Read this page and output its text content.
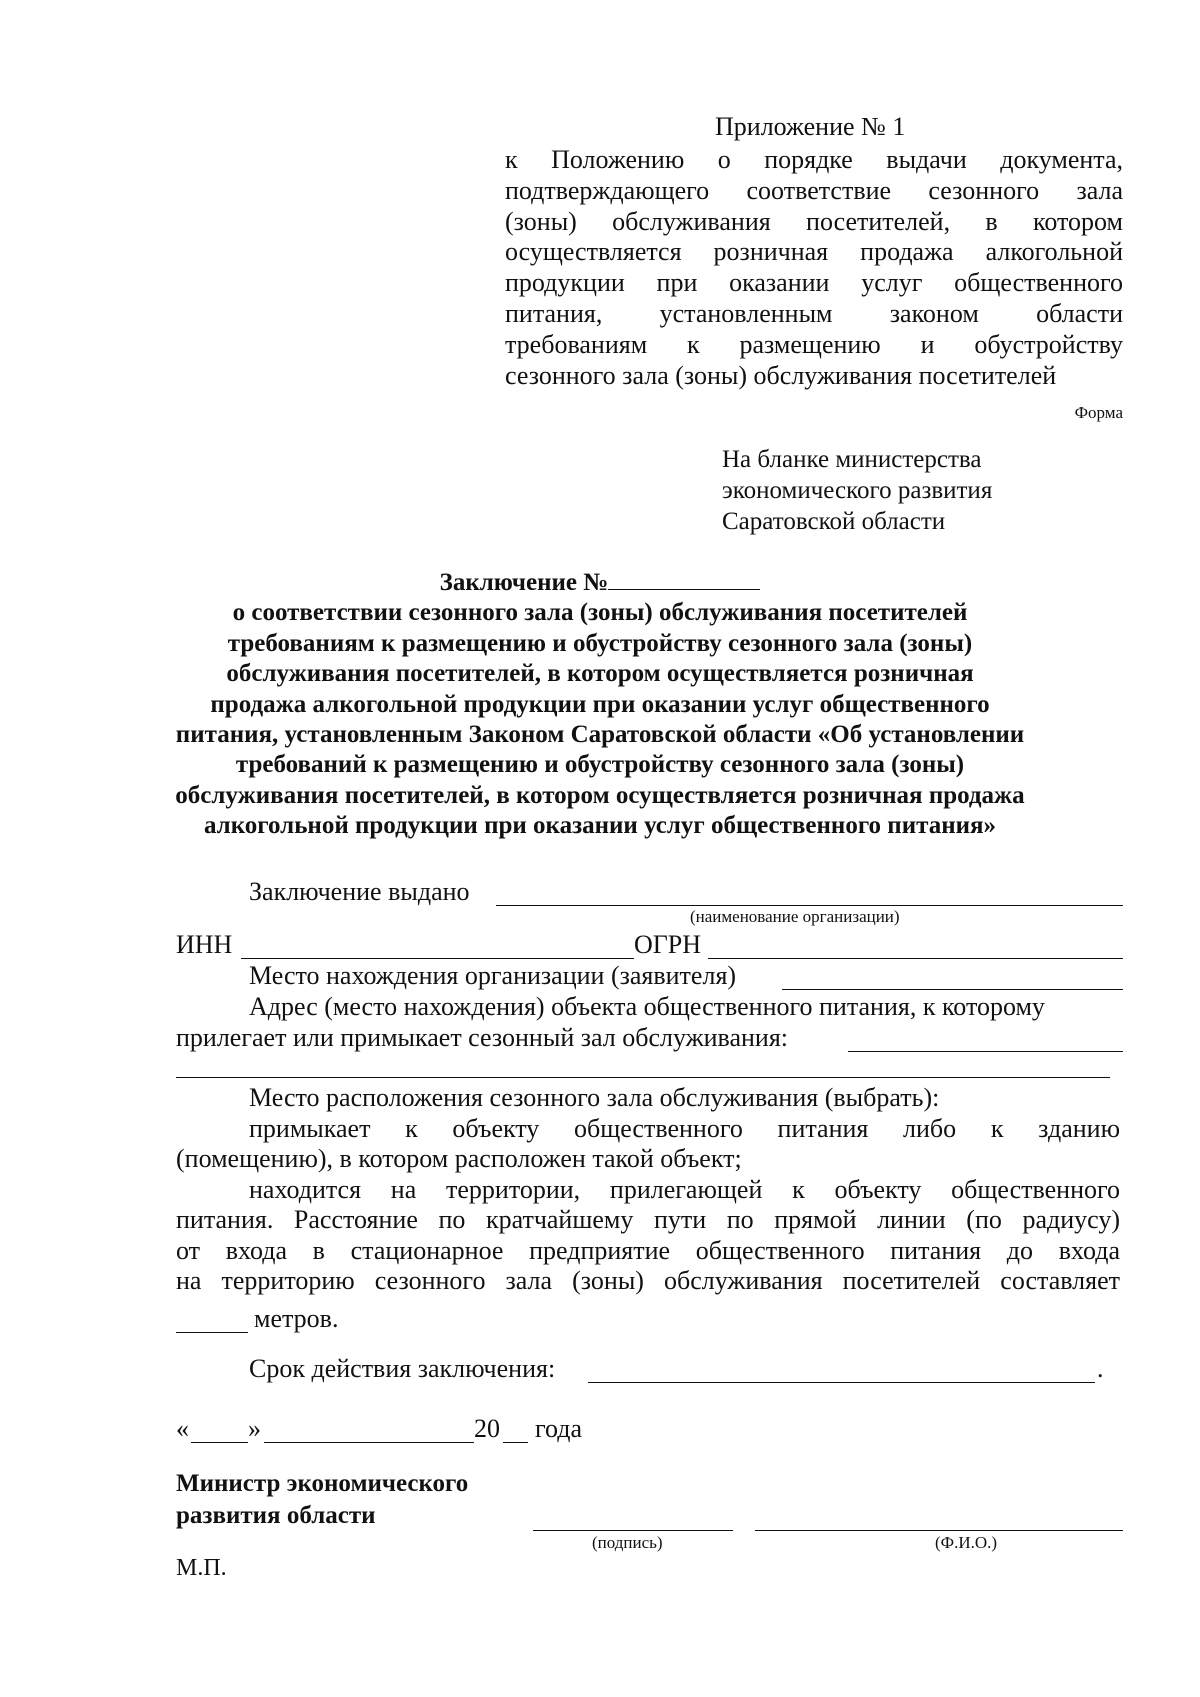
Приложение № 1
к Положению о порядке выдачи документа,
подтверждающего соответствие сезонного зала
(зоны) обслуживания посетителей, в котором
осуществляется розничная продажа алкогольной
продукции при оказании услуг общественного
питания, установленным законом области
требованиям к размещению и обустройству
сезонного зала (зоны) обслуживания посетителей
Форма
На бланке министерства
экономического развития
Саратовской области
Заключение №
о соответствии сезонного зала (зоны) обслуживания посетителей
требованиям к размещению и обустройству сезонного зала (зоны)
обслуживания посетителей, в котором осуществляется розничная
продажа алкогольной продукции при оказании услуг общественного
питания, установленным Законом Саратовской области «Об установлении
требований к размещению и обустройству сезонного зала (зоны)
обслуживания посетителей, в котором осуществляется розничная продажа
алкогольной продукции при оказании услуг общественного питания»
Заключение выдано
(наименование организации)
ИНН	ОГРН
Место нахождения организации (заявителя)
Адрес (место нахождения) объекта общественного питания, к которому
прилегает или примыкает сезонный зал обслуживания:
Место расположения сезонного зала обслуживания (выбрать):
примыкает к объекту общественного питания либо к зданию
(помещению), в котором расположен такой объект;
находится на территории, прилегающей к объекту общественного
питания. Расстояние по кратчайшему пути по прямой линии (по радиусу)
от входа в стационарное предприятие общественного питания до входа
на территорию сезонного зала (зоны) обслуживания посетителей составляет
метров.
Срок действия заключения:	.
« »	20 года
Министр экономического
развития области
(подпись)	(Ф.И.О.)
М.П.
